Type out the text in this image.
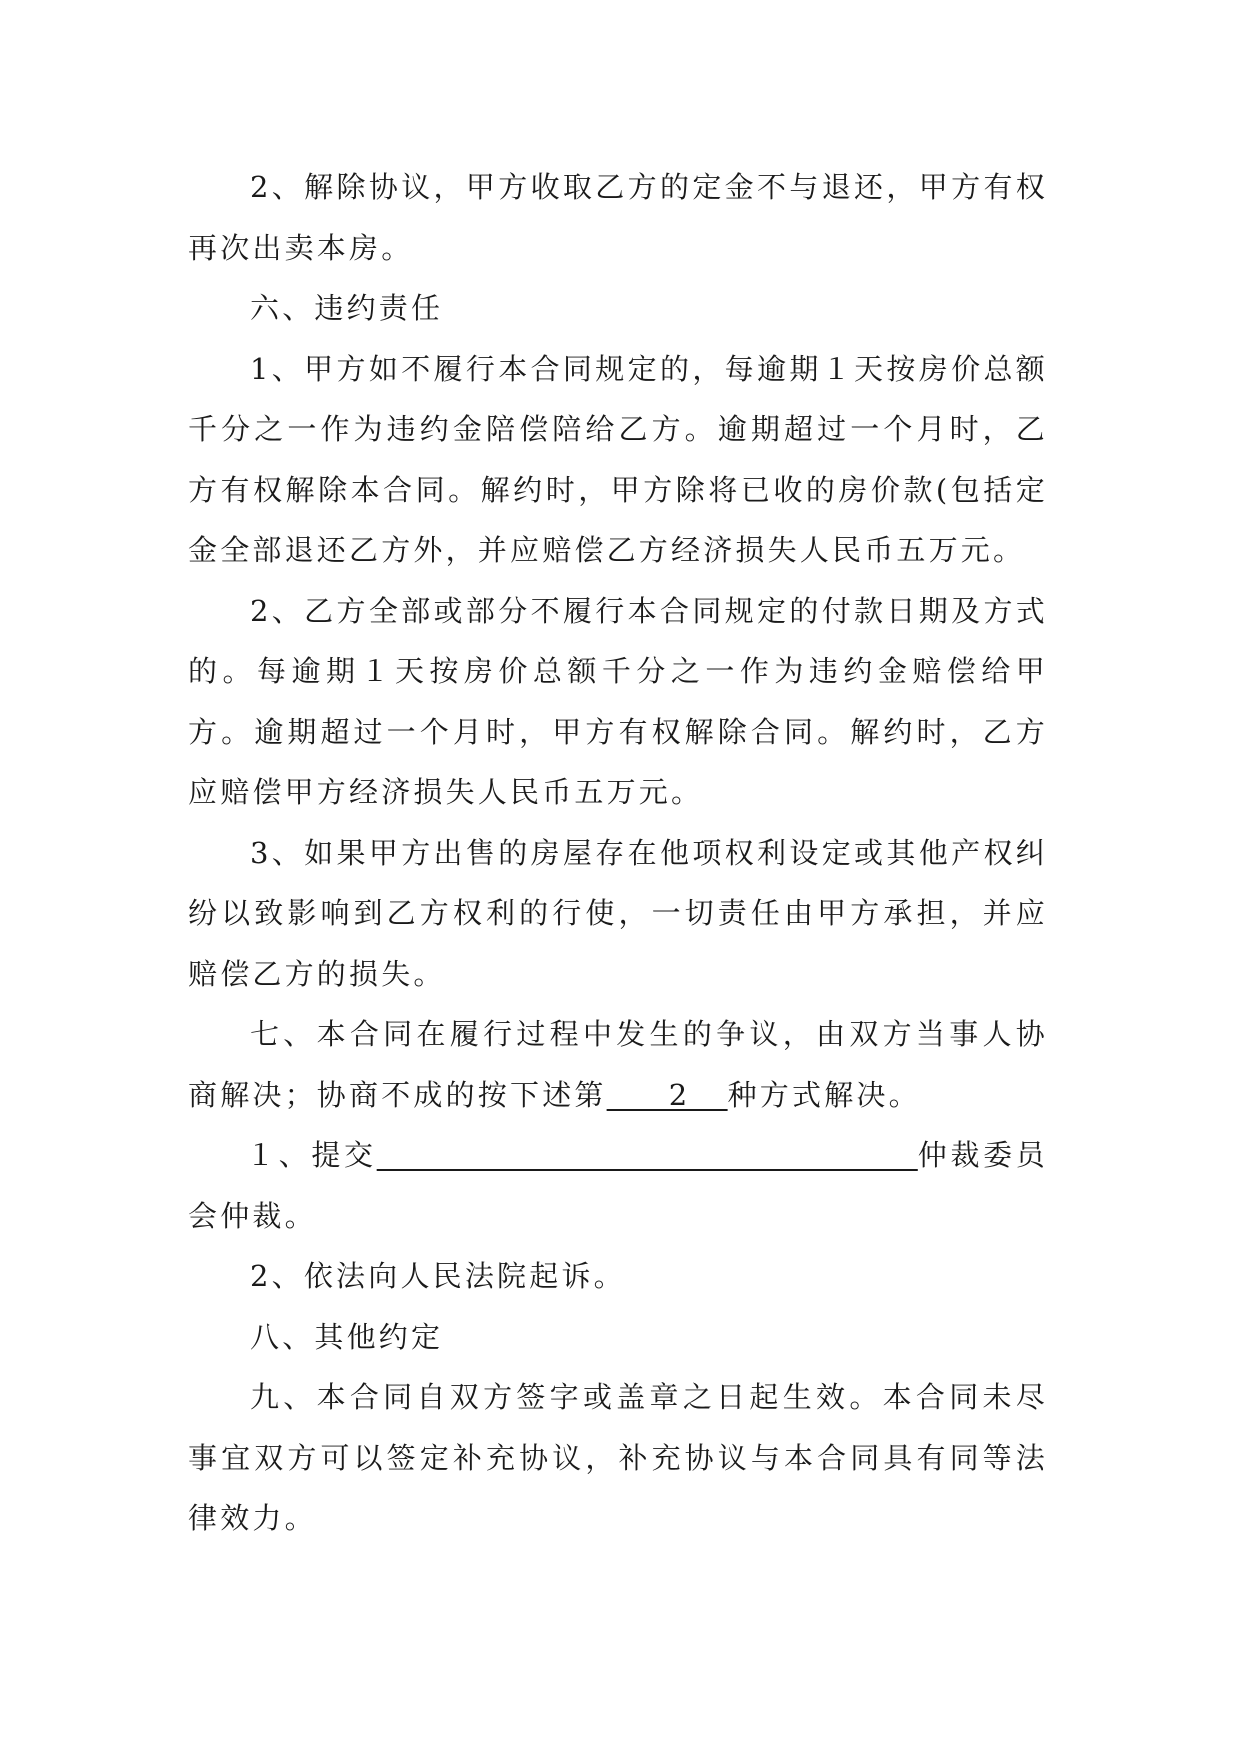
2、解除协议，甲方收取乙方的定金不与退还，甲方有权再次出卖本房。

六、违约责任

1、甲方如不履行本合同规定的，每逾期１天按房价总额千分之一作为违约金陪偿陪给乙方。逾期超过一个月时，乙方有权解除本合同。解约时，甲方除将已收的房价款(包括定金全部退还乙方外，并应赔偿乙方经济损失人民币五万元。

2、乙方全部或部分不履行本合同规定的付款日期及方式的。每逾期１天按房价总额千分之一作为违约金赔偿给甲方。逾期超过一个月时，甲方有权解除合同。解约时，乙方应赔偿甲方经济损失人民币五万元。

3、如果甲方出售的房屋存在他项权利设定或其他产权纠纷以致影响到乙方权利的行使，一切责任由甲方承担，并应赔偿乙方的损失。

七、本合同在履行过程中发生的争议，由双方当事人协商解决；协商不成的按下述第     2   种方式解决。

１、提交	仲裁委员会仲裁。

2、依法向人民法院起诉。

八、其他约定

九、本合同自双方签字或盖章之日起生效。本合同未尽事宜双方可以签定补充协议，补充协议与本合同具有同等法律效力。
